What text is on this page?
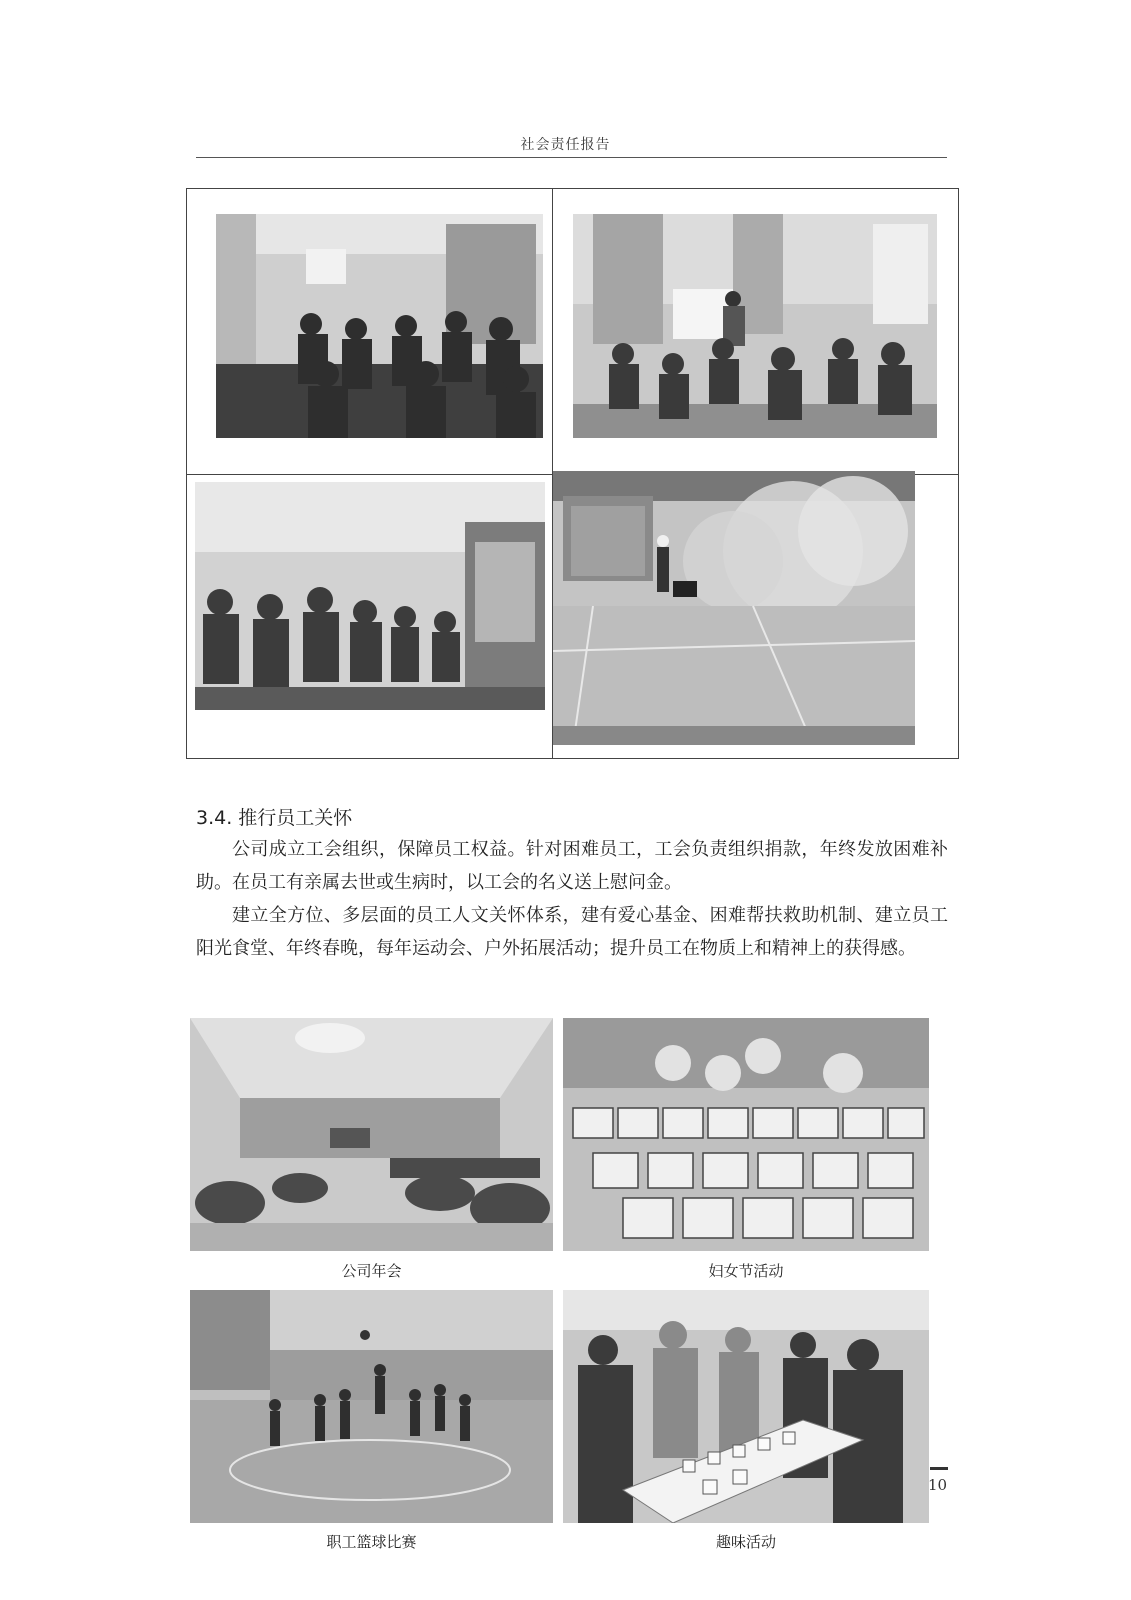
社会责任报告
3.4. 推行员工关怀

公司成立工会组织，保障员工权益。针对困难员工，工会负责组织捐款，年终发放困难补助。在员工有亲属去世或生病时，以工会的名义送上慰问金。

建立全方位、多层面的员工人文关怀体系，建有爱心基金、困难帮扶救助机制、建立员工阳光食堂、年终春晚，每年运动会、户外拓展活动；提升员工在物质上和精神上的获得感。

公司年会	妇女节活动
职工篮球比赛	趣味活动
10
